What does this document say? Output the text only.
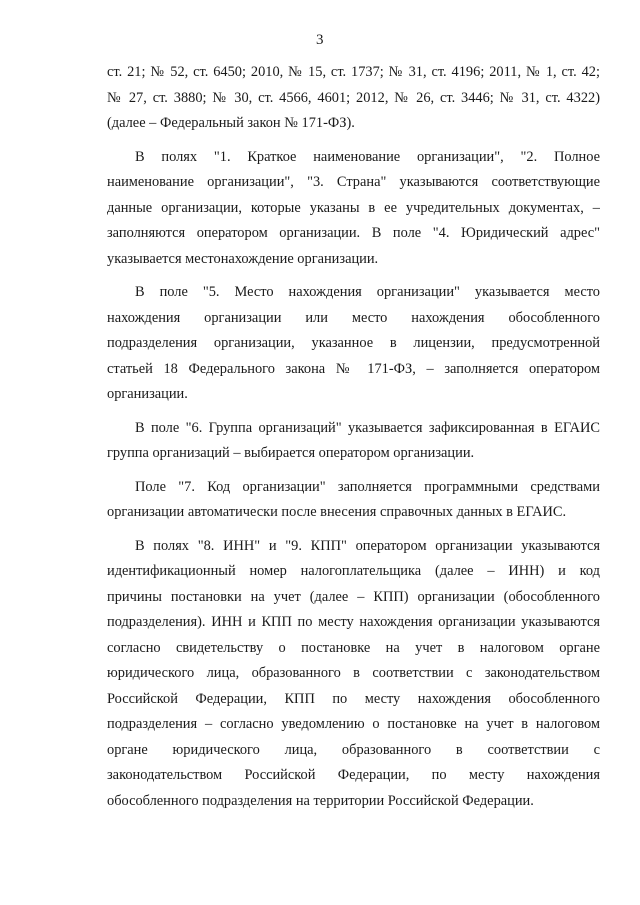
3
ст. 21; № 52, ст. 6450; 2010, № 15, ст. 1737; № 31, ст. 4196; 2011, № 1, ст. 42;
№ 27, ст. 3880; № 30, ст. 4566, 4601; 2012, № 26, ст. 3446; № 31, ст. 4322)
(далее – Федеральный закон № 171-ФЗ).
В полях "1. Краткое наименование организации", "2. Полное
наименование организации", "3. Страна" указываются соответствующие
данные организации, которые указаны в ее учредительных документах, –
заполняются оператором организации. В поле "4. Юридический адрес"
указывается местонахождение организации.
В поле "5. Место нахождения организации" указывается место
нахождения организации или место нахождения обособленного
подразделения организации, указанное в лицензии, предусмотренной
статьей 18 Федерального закона № 171-ФЗ, – заполняется оператором
организации.
В поле "6. Группа организаций" указывается зафиксированная в ЕГАИС
группа организаций – выбирается оператором организации.
Поле "7. Код организации" заполняется программными средствами
организации автоматически после внесения справочных данных в ЕГАИС.
В полях "8. ИНН" и "9. КПП" оператором организации указываются
идентификационный номер налогоплательщика (далее – ИНН) и код
причины постановки на учет (далее – КПП) организации (обособленного
подразделения). ИНН и КПП по месту нахождения организации указываются
согласно свидетельству о постановке на учет в налоговом органе
юридического лица, образованного в соответствии с законодательством
Российской Федерации, КПП по месту нахождения обособленного
подразделения – согласно уведомлению о постановке на учет в налоговом
органе юридического лица, образованного в соответствии с
законодательством Российской Федерации, по месту нахождения
обособленного подразделения на территории Российской Федерации.
